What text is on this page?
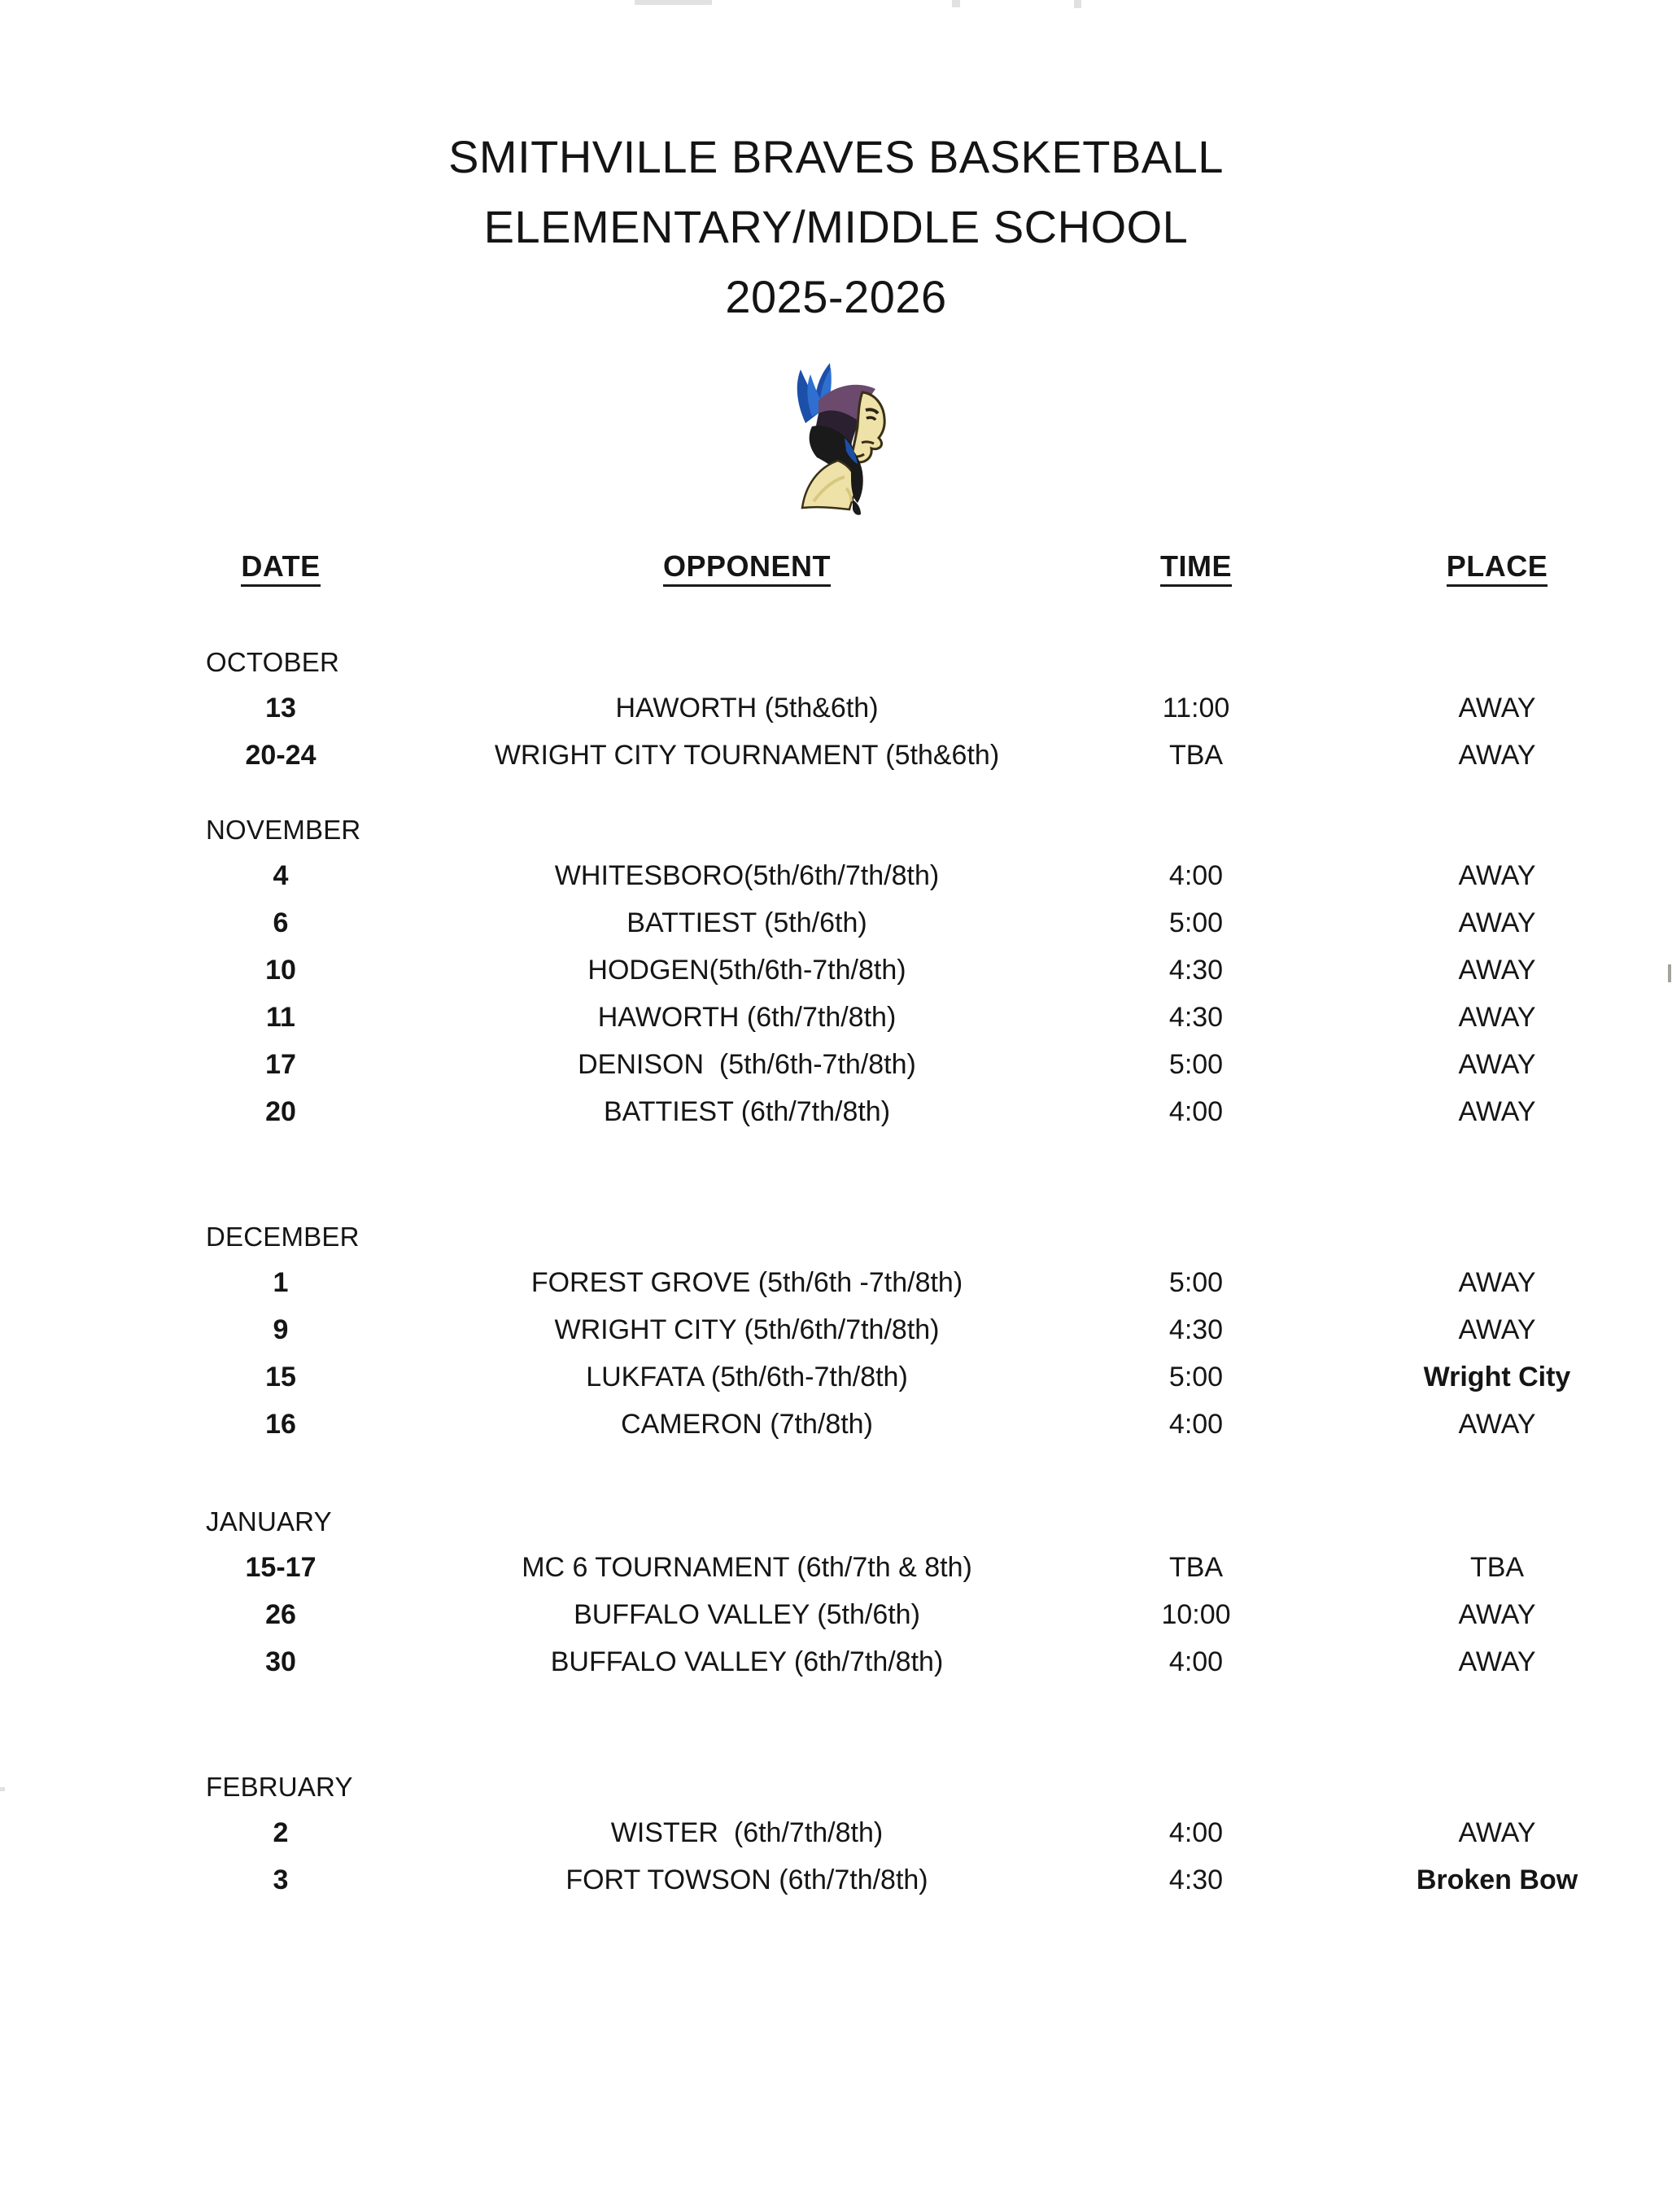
SMITHVILLE BRAVES BASKETBALL
ELEMENTARY/MIDDLE SCHOOL
2025-2026
DATE	OPPONENT	TIME	PLACE
OCTOBER
13	HAWORTH (5th&6th)	11:00	AWAY
20-24	WRIGHT CITY TOURNAMENT (5th&6th)	TBA	AWAY
NOVEMBER
4	WHITESBORO(5th/6th/7th/8th)	4:00	AWAY
6	BATTIEST (5th/6th)	5:00	AWAY
10	HODGEN(5th/6th-7th/8th)	4:30	AWAY
11	HAWORTH (6th/7th/8th)	4:30	AWAY
17	DENISON  (5th/6th-7th/8th)	5:00	AWAY
20	BATTIEST (6th/7th/8th)	4:00	AWAY
DECEMBER
1	FOREST GROVE (5th/6th -7th/8th)	5:00	AWAY
9	WRIGHT CITY (5th/6th/7th/8th)	4:30	AWAY
15	LUKFATA (5th/6th-7th/8th)	5:00	Wright City
16	CAMERON (7th/8th)	4:00	AWAY
JANUARY
15-17	MC 6 TOURNAMENT (6th/7th & 8th)	TBA	TBA
26	BUFFALO VALLEY (5th/6th)	10:00	AWAY
30	BUFFALO VALLEY (6th/7th/8th)	4:00	AWAY
FEBRUARY
2	WISTER  (6th/7th/8th)	4:00	AWAY
3	FORT TOWSON (6th/7th/8th)	4:30	Broken Bow
